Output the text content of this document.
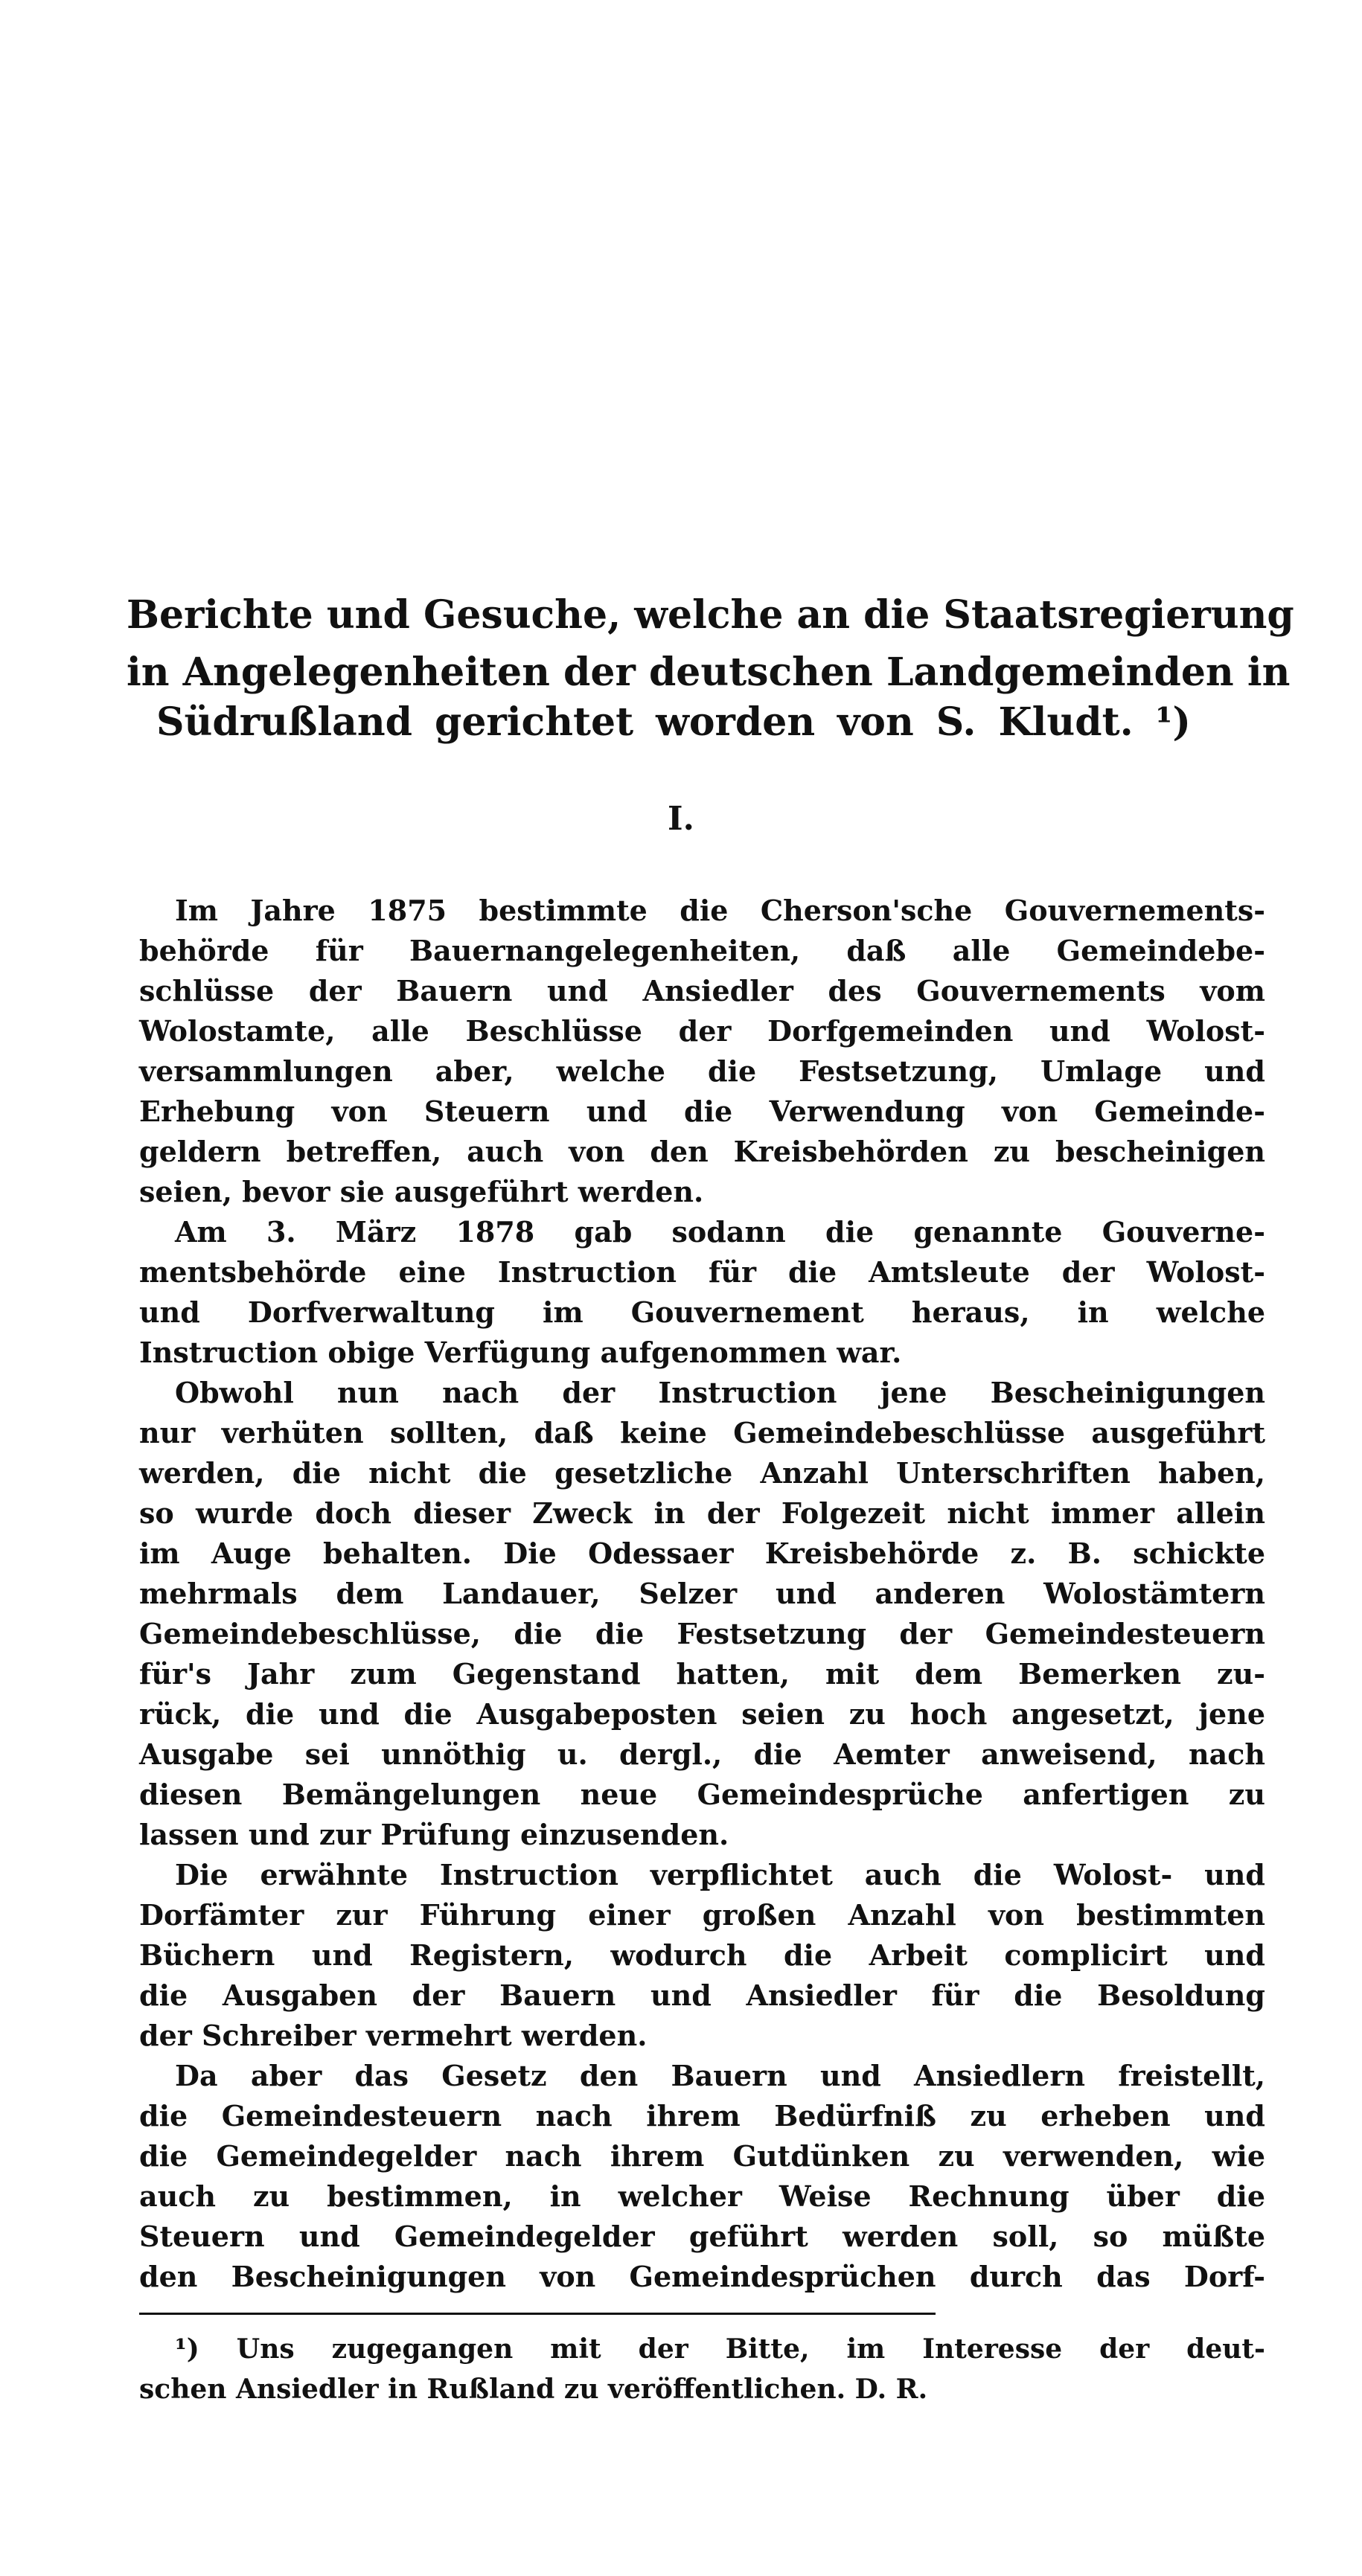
Berichte und Gesuche, welche an die Staatsregierung
in Angelegenheiten der deutschen Landgemeinden in
Südrußland gerichtet worden von S. Kludt. ¹)
I.
Im Jahre 1875 bestimmte die Cherson'sche Gouvernements-
behörde für Bauernangelegenheiten, daß alle Gemeindebe-
schlüsse der Bauern und Ansiedler des Gouvernements vom
Wolostamte, alle Beschlüsse der Dorfgemeinden und Wolost-
versammlungen aber, welche die Festsetzung, Umlage und
Erhebung von Steuern und die Verwendung von Gemeinde-
geldern betreffen, auch von den Kreisbehörden zu bescheinigen
seien, bevor sie ausgeführt werden.
Am 3. März 1878 gab sodann die genannte Gouverne-
mentsbehörde eine Instruction für die Amtsleute der Wolost-
und Dorfverwaltung im Gouvernement heraus, in welche
Instruction obige Verfügung aufgenommen war.
Obwohl nun nach der Instruction jene Bescheinigungen
nur verhüten sollten, daß keine Gemeindebeschlüsse ausgeführt
werden, die nicht die gesetzliche Anzahl Unterschriften haben,
so wurde doch dieser Zweck in der Folgezeit nicht immer allein
im Auge behalten. Die Odessaer Kreisbehörde z. B. schickte
mehrmals dem Landauer, Selzer und anderen Wolostämtern
Gemeindebeschlüsse, die die Festsetzung der Gemeindesteuern
für's Jahr zum Gegenstand hatten, mit dem Bemerken zu-
rück, die und die Ausgabeposten seien zu hoch angesetzt, jene
Ausgabe sei unnöthig u. dergl., die Aemter anweisend, nach
diesen Bemängelungen neue Gemeindesprüche anfertigen zu
lassen und zur Prüfung einzusenden.
Die erwähnte Instruction verpflichtet auch die Wolost- und
Dorfämter zur Führung einer großen Anzahl von bestimmten
Büchern und Registern, wodurch die Arbeit complicirt und
die Ausgaben der Bauern und Ansiedler für die Besoldung
der Schreiber vermehrt werden.
Da aber das Gesetz den Bauern und Ansiedlern freistellt,
die Gemeindesteuern nach ihrem Bedürfniß zu erheben und
die Gemeindegelder nach ihrem Gutdünken zu verwenden, wie
auch zu bestimmen, in welcher Weise Rechnung über die
Steuern und Gemeindegelder geführt werden soll, so müßte
den Bescheinigungen von Gemeindesprüchen durch das Dorf-
¹) Uns zugegangen mit der Bitte, im Interesse der deut-
schen Ansiedler in Rußland zu veröffentlichen. D. R.
